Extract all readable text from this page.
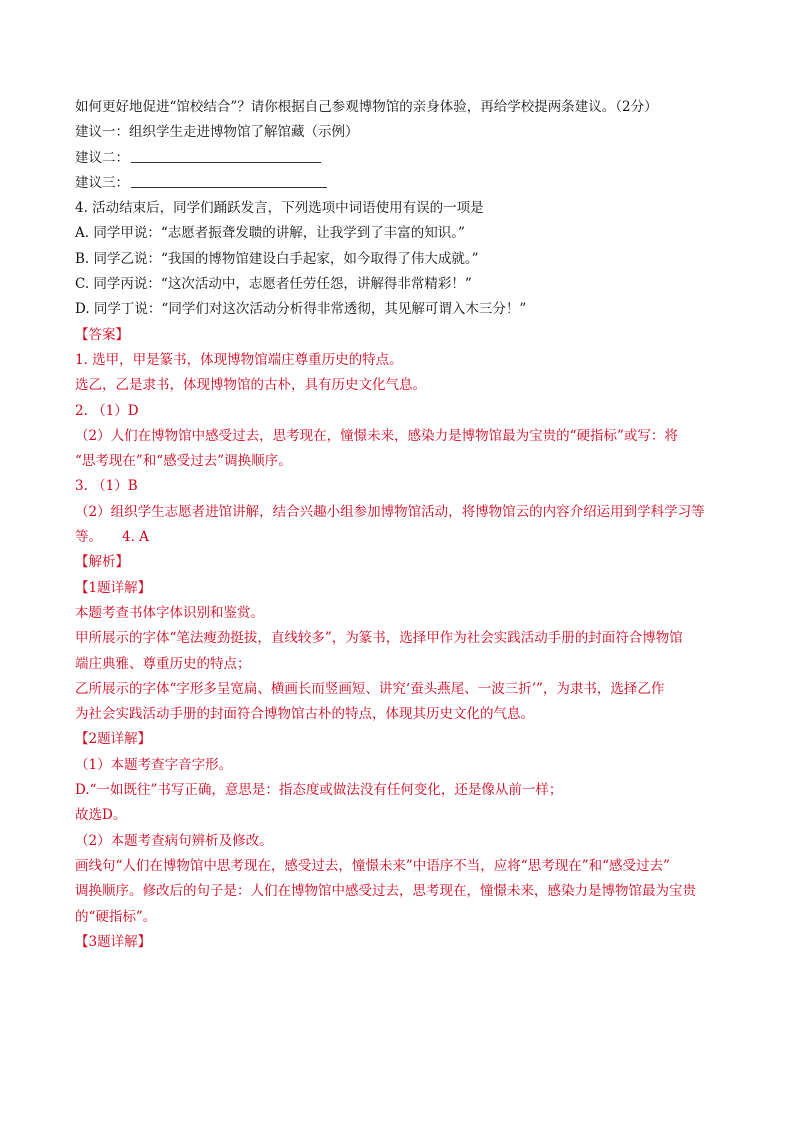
如何更好地促进“馆校结合”？请你根据自己参观博物馆的亲身体验，再给学校提两条建议。（2分）
建议一：组织学生走进博物馆了解馆藏（示例）
建议二：
建议三：
4. 活动结束后，同学们踊跃发言，下列选项中词语使用有误的一项是
A. 同学甲说：“志愿者振聋发聩的讲解，让我学到了丰富的知识。”
B. 同学乙说：“我国的博物馆建设白手起家，如今取得了伟大成就。”
C. 同学丙说：“这次活动中，志愿者任劳任怨，讲解得非常精彩！”
D. 同学丁说：“同学们对这次活动分析得非常透彻，其见解可谓入木三分！”
【答案】
1. 选甲，甲是篆书，体现博物馆端庄尊重历史的特点。
选乙，乙是隶书，体现博物馆的古朴，具有历史文化气息。
2. （1）D
（2）人们在博物馆中感受过去，思考现在，憧憬未来，感染力是博物馆最为宝贵的“硬指标”或写：将
“思考现在”和“感受过去”调换顺序。
3. （1）B
（2）组织学生志愿者进馆讲解，结合兴趣小组参加博物馆活动，将博物馆云的内容介绍运用到学科学习等
等。 4. A
【解析】
【1题详解】
本题考查书体字体识别和鉴赏。
甲所展示的字体“笔法瘦劲挺拔，直线较多”，为篆书，选择甲作为社会实践活动手册的封面符合博物馆
端庄典雅、尊重历史的特点；
乙所展示的字体“字形多呈宽扁、横画长而竖画短、讲究‘蚕头燕尾、一波三折’”，为隶书，选择乙作
为社会实践活动手册的封面符合博物馆古朴的特点，体现其历史文化的气息。
【2题详解】
（1）本题考查字音字形。
D.“一如既往”书写正确，意思是：指态度或做法没有任何变化，还是像从前一样；
故选D。
（2）本题考查病句辨析及修改。
画线句“人们在博物馆中思考现在，感受过去，憧憬未来”中语序不当，应将“思考现在”和“感受过去”
调换顺序。修改后的句子是：人们在博物馆中感受过去，思考现在，憧憬未来，感染力是博物馆最为宝贵
的“硬指标”。
【3题详解】
